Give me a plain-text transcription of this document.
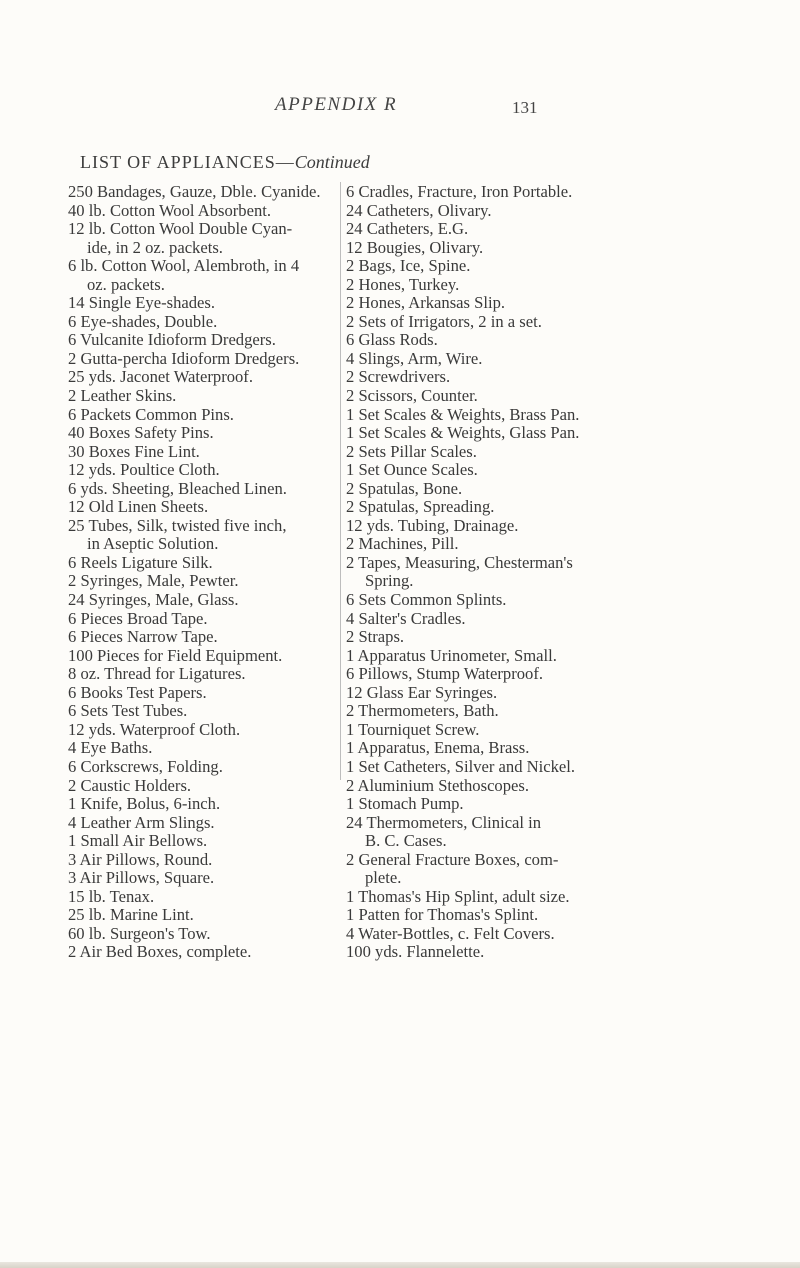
APPENDIX R	131
LIST OF APPLIANCES—Continued
250 Bandages, Gauze, Dble. Cyanide.
40 lb. Cotton Wool Absorbent.
12 lb. Cotton Wool Double Cyan-
ide, in 2 oz. packets.
6 lb. Cotton Wool, Alembroth, in 4
oz. packets.
14 Single Eye-shades.
6 Eye-shades, Double.
6 Vulcanite Idioform Dredgers.
2 Gutta-percha Idioform Dredgers.
25 yds. Jaconet Waterproof.
2 Leather Skins.
6 Packets Common Pins.
40 Boxes Safety Pins.
30 Boxes Fine Lint.
12 yds. Poultice Cloth.
6 yds. Sheeting, Bleached Linen.
12 Old Linen Sheets.
25 Tubes, Silk, twisted five inch,
in Aseptic Solution.
6 Reels Ligature Silk.
2 Syringes, Male, Pewter.
24 Syringes, Male, Glass.
6 Pieces Broad Tape.
6 Pieces Narrow Tape.
100 Pieces for Field Equipment.
8 oz. Thread for Ligatures.
6 Books Test Papers.
6 Sets Test Tubes.
12 yds. Waterproof Cloth.
4 Eye Baths.
6 Corkscrews, Folding.
2 Caustic Holders.
1 Knife, Bolus, 6-inch.
4 Leather Arm Slings.
1 Small Air Bellows.
3 Air Pillows, Round.
3 Air Pillows, Square.
15 lb. Tenax.
25 lb. Marine Lint.
60 lb. Surgeon's Tow.
2 Air Bed Boxes, complete.
6 Cradles, Fracture, Iron Portable.
24 Catheters, Olivary.
24 Catheters, E.G.
12 Bougies, Olivary.
2 Bags, Ice, Spine.
2 Hones, Turkey.
2 Hones, Arkansas Slip.
2 Sets of Irrigators, 2 in a set.
6 Glass Rods.
4 Slings, Arm, Wire.
2 Screwdrivers.
2 Scissors, Counter.
1 Set Scales & Weights, Brass Pan.
1 Set Scales & Weights, Glass Pan.
2 Sets Pillar Scales.
1 Set Ounce Scales.
2 Spatulas, Bone.
2 Spatulas, Spreading.
12 yds. Tubing, Drainage.
2 Machines, Pill.
2 Tapes, Measuring, Chesterman's
Spring.
6 Sets Common Splints.
4 Salter's Cradles.
2 Straps.
1 Apparatus Urinometer, Small.
6 Pillows, Stump Waterproof.
12 Glass Ear Syringes.
2 Thermometers, Bath.
1 Tourniquet Screw.
1 Apparatus, Enema, Brass.
1 Set Catheters, Silver and Nickel.
2 Aluminium Stethoscopes.
1 Stomach Pump.
24 Thermometers, Clinical in
B. C. Cases.
2 General Fracture Boxes, com-
plete.
1 Thomas's Hip Splint, adult size.
1 Patten for Thomas's Splint.
4 Water-Bottles, c. Felt Covers.
100 yds. Flannelette.
